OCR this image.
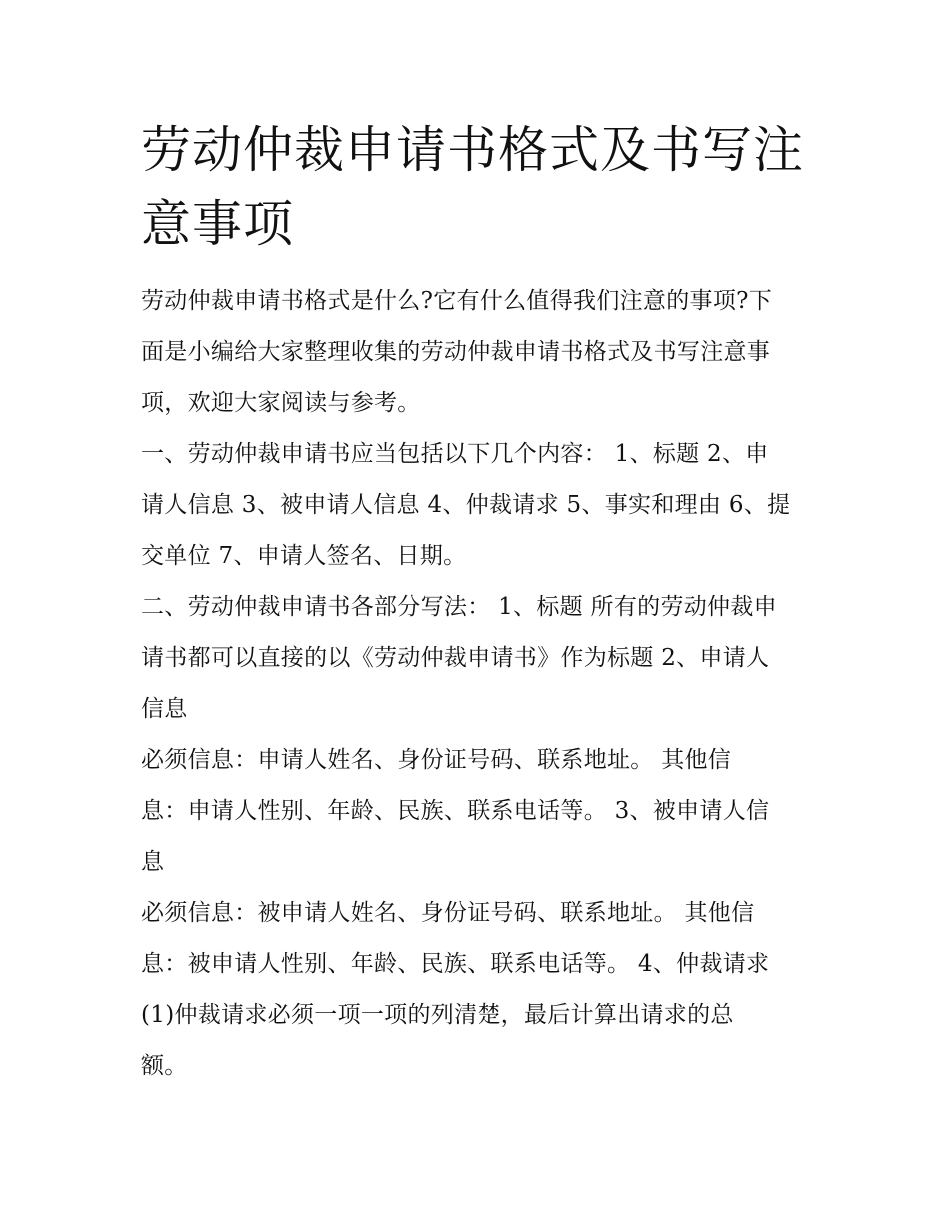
劳动仲裁申请书格式及书写注
意事项

劳动仲裁申请书格式是什么?它有什么值得我们注意的事项?下
面是小编给大家整理收集的劳动仲裁申请书格式及书写注意事
项，欢迎大家阅读与参考。

一、劳动仲裁申请书应当包括以下几个内容： 1、标题 2、申
请人信息 3、被申请人信息 4、仲裁请求 5、事实和理由 6、提
交单位 7、申请人签名、日期。

二、劳动仲裁申请书各部分写法： 1、标题 所有的劳动仲裁申
请书都可以直接的以《劳动仲裁申请书》作为标题 2、申请人
信息

必须信息：申请人姓名、身份证号码、联系地址。 其他信
息：申请人性别、年龄、民族、联系电话等。 3、被申请人信
息

必须信息：被申请人姓名、身份证号码、联系地址。 其他信
息：被申请人性别、年龄、民族、联系电话等。 4、仲裁请求
(1)仲裁请求必须一项一项的列清楚，最后计算出请求的总
额。
